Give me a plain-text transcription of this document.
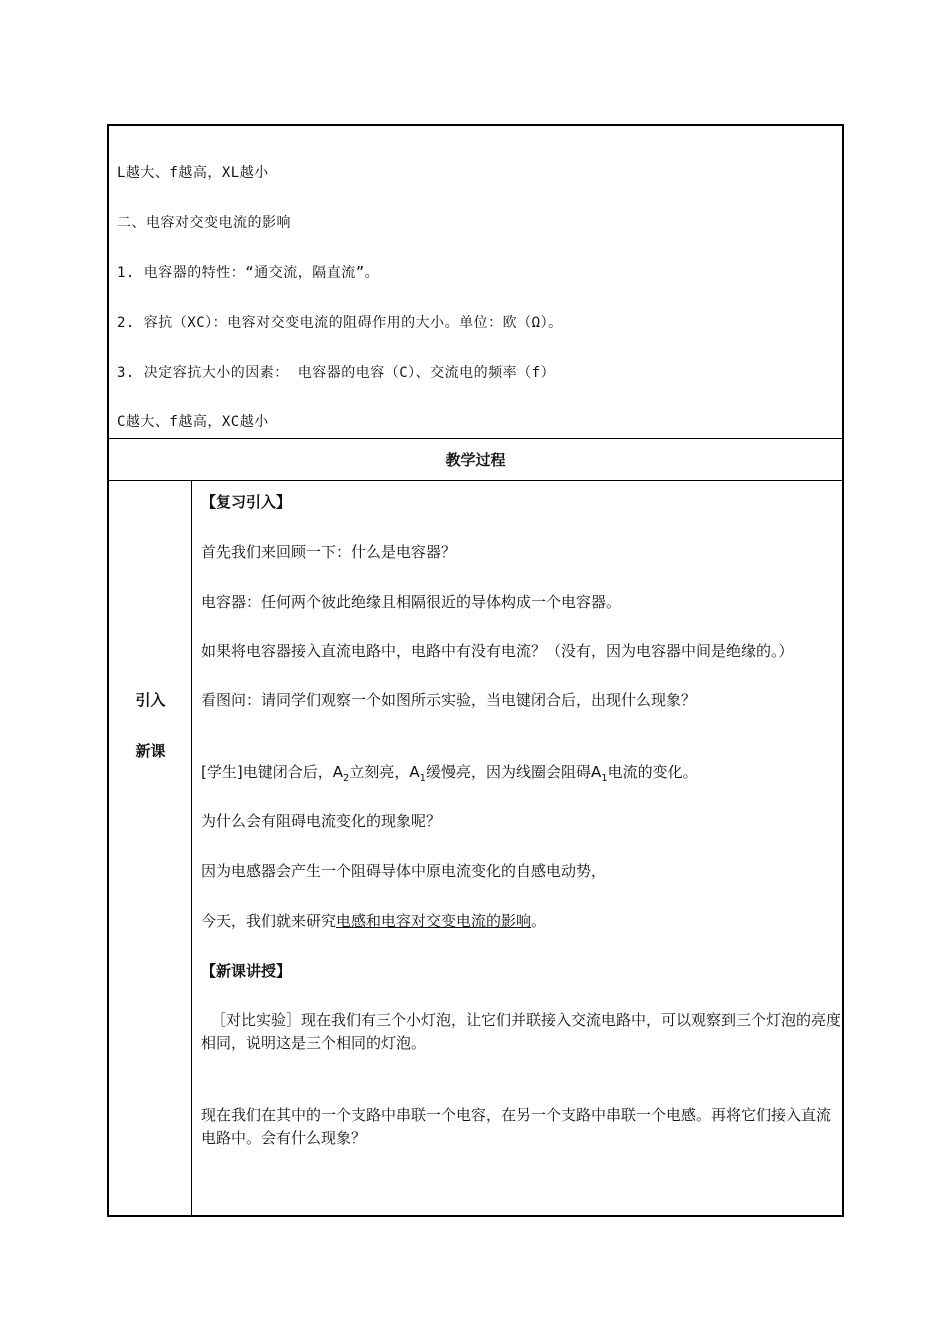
L越大、f越高，XL越小
二、电容对交变电流的影响
1. 电容器的特性：“通交流，隔直流”。
2. 容抗（XC）：电容对交变电流的阻碍作用的大小。单位：欧（Ω）。
3. 决定容抗大小的因素： 电容器的电容（C）、交流电的频率（f）
C越大、f越高，XC越小
教学过程
引入
新课
【复习引入】
首先我们来回顾一下：什么是电容器？
电容器：任何两个彼此绝缘且相隔很近的导体构成一个电容器。
如果将电容器接入直流电路中，电路中有没有电流？（没有，因为电容器中间是绝缘的。）
看图问：请同学们观察一个如图所示实验，当电键闭合后，出现什么现象？
[学生]电键闭合后，$A_2$立刻亮，$A_1$缓慢亮，因为线圈会阻碍$A_1$电流的变化。
为什么会有阻碍电流变化的现象呢？
因为电感器会产生一个阻碍导体中原电流变化的自感电动势，
今天，我们就来研究电感和电容对交变电流的影响。
【新课讲授】
［对比实验］现在我们有三个小灯泡，让它们并联接入交流电路中，可以观察到三个灯泡的亮度相同，说明这是三个相同的灯泡。
现在我们在其中的一个支路中串联一个电容，在另一个支路中串联一个电感。再将它们接入直流电路中。会有什么现象？
